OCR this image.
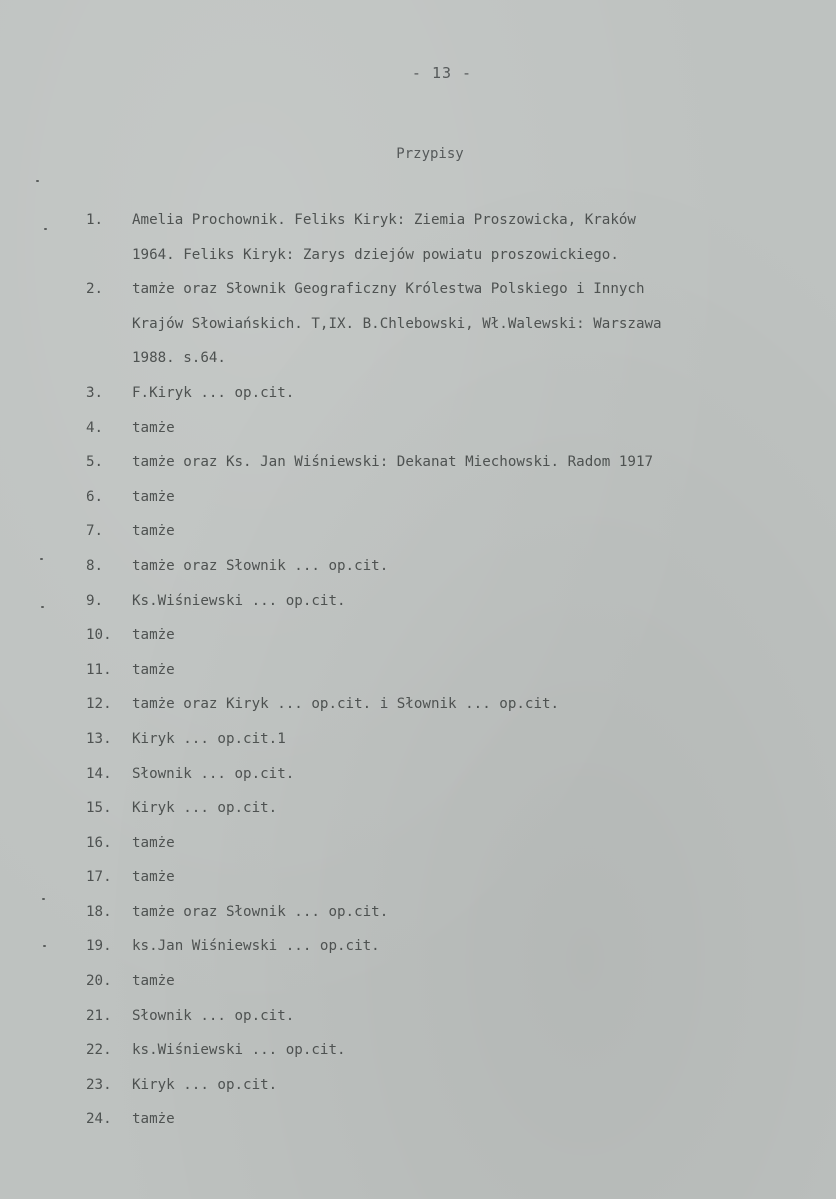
- 13 -
Przypisy
1.	Amelia Prochownik. Feliks Kiryk: Ziemia Proszowicka, Kraków
1964. Feliks Kiryk: Zarys dziejów powiatu proszowickiego.
2.	tamże oraz Słownik Geograficzny Królestwa Polskiego i Innych
Krajów Słowiańskich. T,IX. B.Chlebowski, Wł.Walewski: Warszawa
1988. s.64.
3.	F.Kiryk ... op.cit.
4.	tamże
5.	tamże oraz Ks. Jan Wiśniewski: Dekanat Miechowski. Radom 1917
6.	tamże
7.	tamże
8.	tamże oraz Słownik ... op.cit.
9.	Ks.Wiśniewski ... op.cit.
10.	tamże
11.	tamże
12.	tamże oraz Kiryk ... op.cit. i Słownik ... op.cit.
13.	Kiryk ... op.cit.1
14.	Słownik ... op.cit.
15.	Kiryk ... op.cit.
16.	tamże
17.	tamże
18.	tamże oraz Słownik ... op.cit.
19.	ks.Jan Wiśniewski ... op.cit.
20.	tamże
21.	Słownik ... op.cit.
22.	ks.Wiśniewski ... op.cit.
23.	Kiryk ... op.cit.
24.	tamże
